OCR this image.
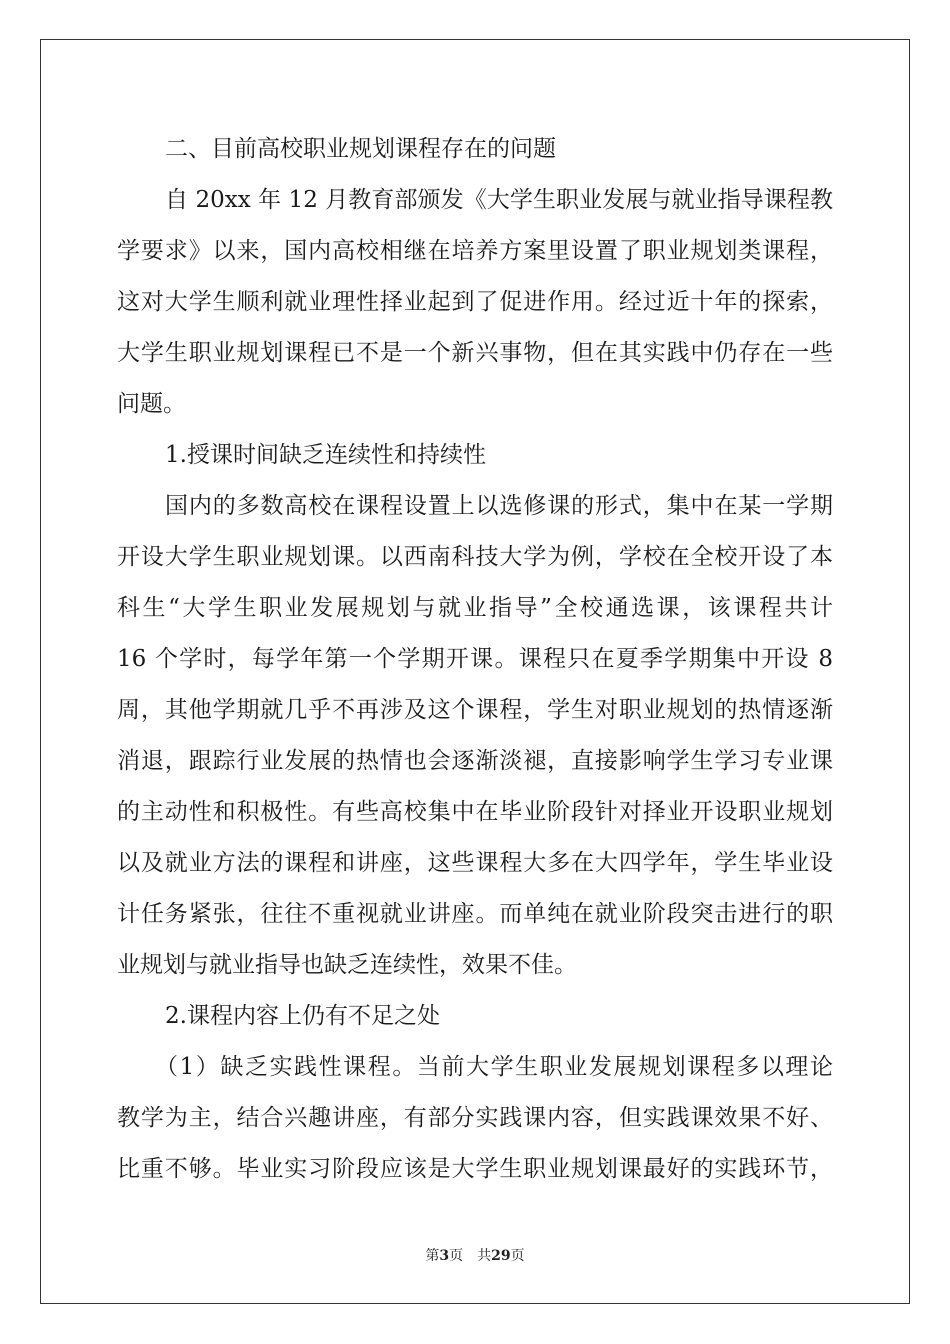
二、目前高校职业规划课程存在的问题
自 20xx 年 12 月教育部颁发《大学生职业发展与就业指导课程教
学要求》以来，国内高校相继在培养方案里设置了职业规划类课程，
这对大学生顺利就业理性择业起到了促进作用。经过近十年的探索，
大学生职业规划课程已不是一个新兴事物，但在其实践中仍存在一些
问题。
1.授课时间缺乏连续性和持续性
国内的多数高校在课程设置上以选修课的形式，集中在某一学期
开设大学生职业规划课。以西南科技大学为例，学校在全校开设了本
科生“大学生职业发展规划与就业指导”全校通选课，该课程共计
16 个学时，每学年第一个学期开课。课程只在夏季学期集中开设 8
周，其他学期就几乎不再涉及这个课程，学生对职业规划的热情逐渐
消退，跟踪行业发展的热情也会逐渐淡褪，直接影响学生学习专业课
的主动性和积极性。有些高校集中在毕业阶段针对择业开设职业规划
以及就业方法的课程和讲座，这些课程大多在大四学年，学生毕业设
计任务紧张，往往不重视就业讲座。而单纯在就业阶段突击进行的职
业规划与就业指导也缺乏连续性，效果不佳。
2.课程内容上仍有不足之处
（1）缺乏实践性课程。当前大学生职业发展规划课程多以理论
教学为主，结合兴趣讲座，有部分实践课内容，但实践课效果不好、
比重不够。毕业实习阶段应该是大学生职业规划课最好的实践环节，
第3页 共29页
